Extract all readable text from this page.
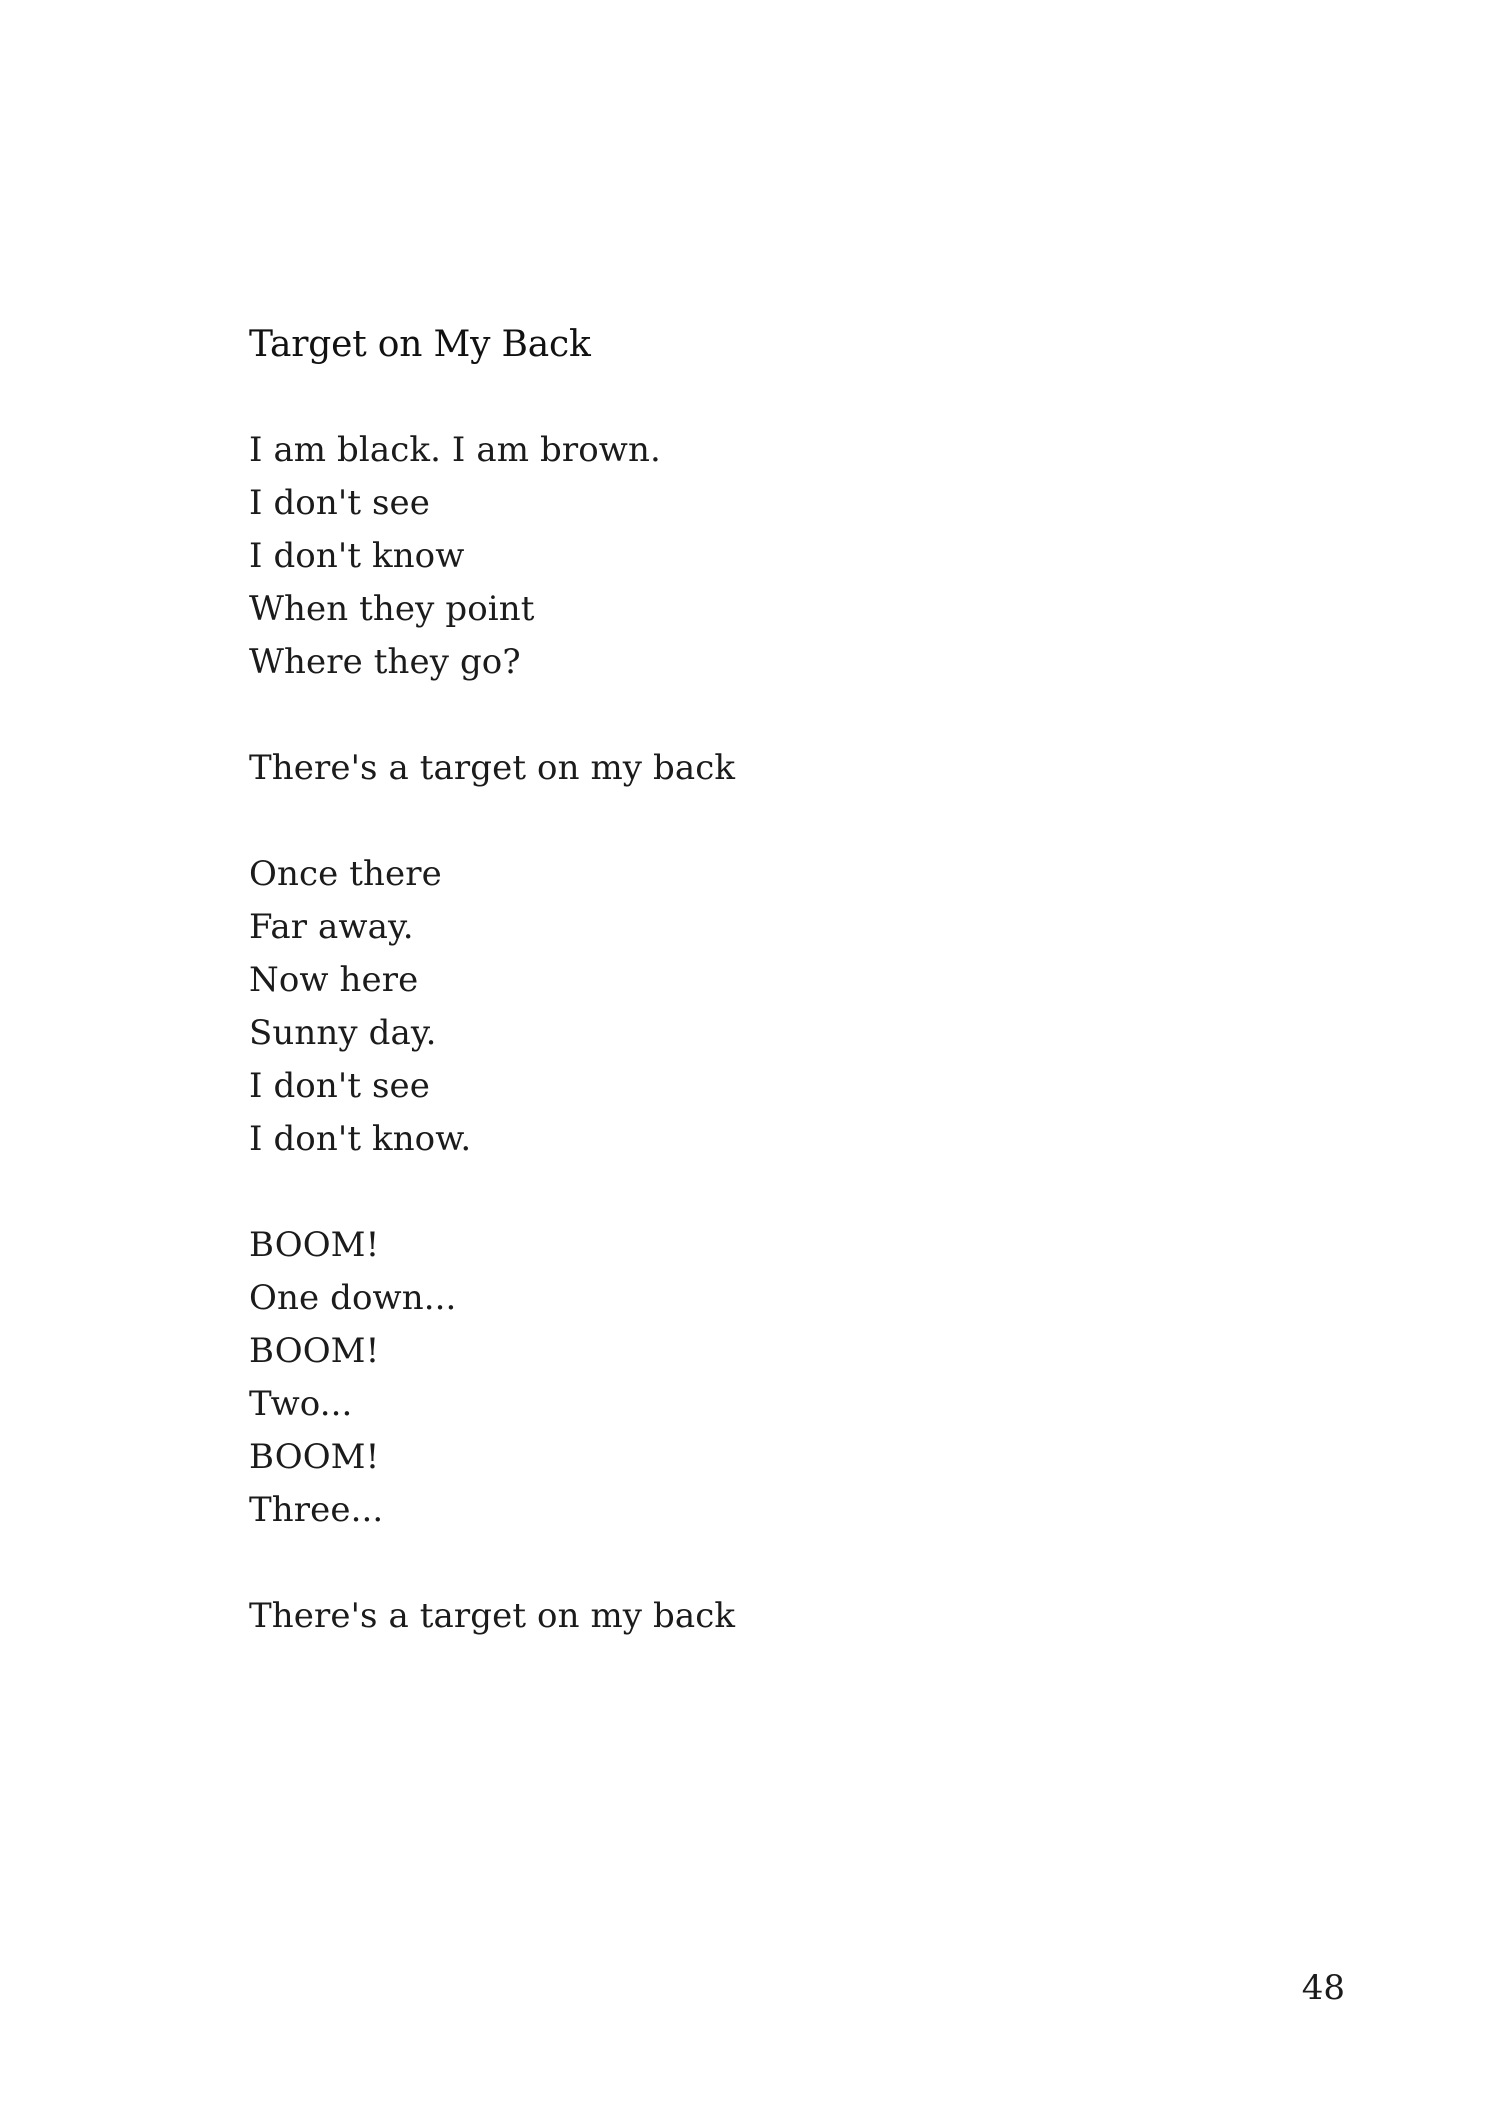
Target on My Back
I am black. I am brown.
I don't see
I don't know
When they point
Where they go?
There's a target on my back
Once there
Far away.
Now here
Sunny day.
I don't see
I don't know.
BOOM!
One down...
BOOM!
Two...
BOOM!
Three...
There's a target on my back
48
